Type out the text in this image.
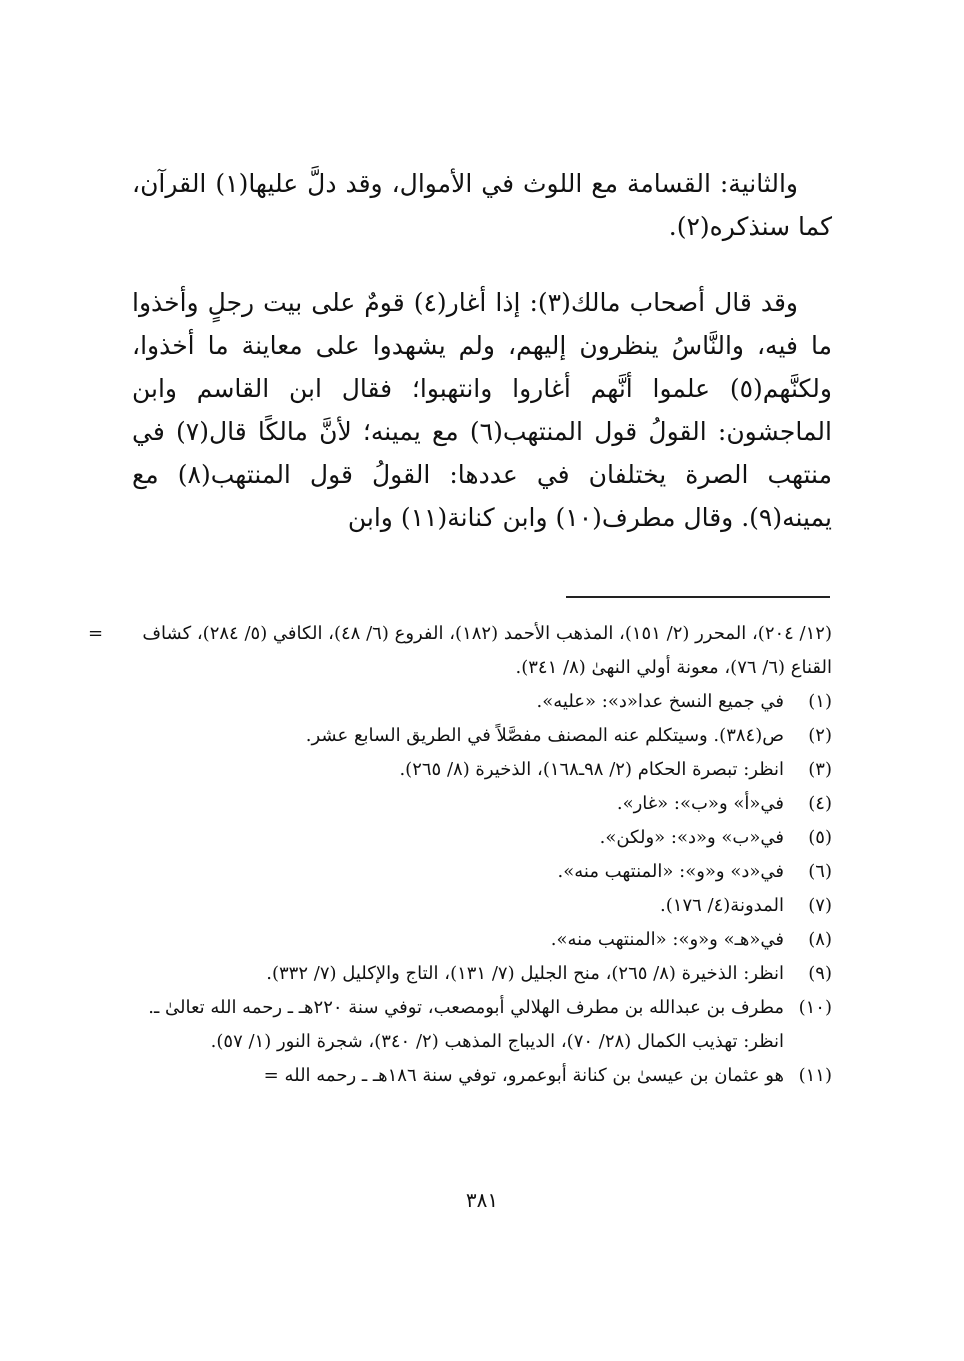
والثانية: القسامة مع اللوث في الأموال، وقد دلَّ عليها(١) القرآن، كما سنذكره(٢).

وقد قال أصحاب مالك(٣): إذا أغار(٤) قومٌ على بيت رجلٍ وأخذوا ما فيه، والنَّاسُ ينظرون إليهم، ولم يشهدوا على معاينة ما أخذوا، ولكنَّهم(٥) علموا أنَّهم أغاروا وانتهبوا؛ فقال ابن القاسم وابن الماجشون: القولُ قول المنتهب(٦) مع يمينه؛ لأنَّ مالكًا قال(٧) في منتهب الصرة يختلفان في عددها: القولُ قول المنتهب(٨) مع يمينه(٩). وقال مطرف(١٠) وابن كنانة(١١) وابن

=	(١٢/ ٢٠٤)، المحرر (٢/ ١٥١)، المذهب الأحمد (١٨٢)، الفروع (٦/ ٤٨)، الكافي (٥/ ٢٨٤)، كشاف القناع (٦/ ٧٦)، معونة أولي النهىٰ (٨/ ٣٤١).
(١)
في جميع النسخ عدا«د»: «عليه».
(٢)
ص(٣٨٤). وسيتكلم عنه المصنف مفصَّلاً في الطريق السابع عشر.
(٣)
انظر: تبصرة الحكام (٢/ ٩٨ـ١٦٨)، الذخيرة (٨/ ٢٦٥).
(٤)
في«أ» و«ب»: «غار».
(٥)
في«ب» و«د»: «ولكن».
(٦)
في«د» و«و»: «المنتهب منه».
(٧)
المدونة(٤/ ١٧٦).
(٨)
في«هـ» و«و»: «المنتهب منه».
(٩)
انظر: الذخيرة (٨/ ٢٦٥)، منح الجليل (٧/ ١٣١)، التاج والإكليل (٧/ ٣٣٢).
(١٠)
مطرف بن عبدالله بن مطرف الهلالي أبومصعب، توفي سنة ٢٢٠هـ ـ رحمه الله تعالىٰ ـ. انظر: تهذيب الكمال (٢٨/ ٧٠)، الديباج المذهب (٢/ ٣٤٠)، شجرة النور (١/ ٥٧).
(١١)
هو عثمان بن عيسىٰ بن كنانة أبوعمرو، توفي سنة ١٨٦هـ ـ رحمه الله =
٣٨١
